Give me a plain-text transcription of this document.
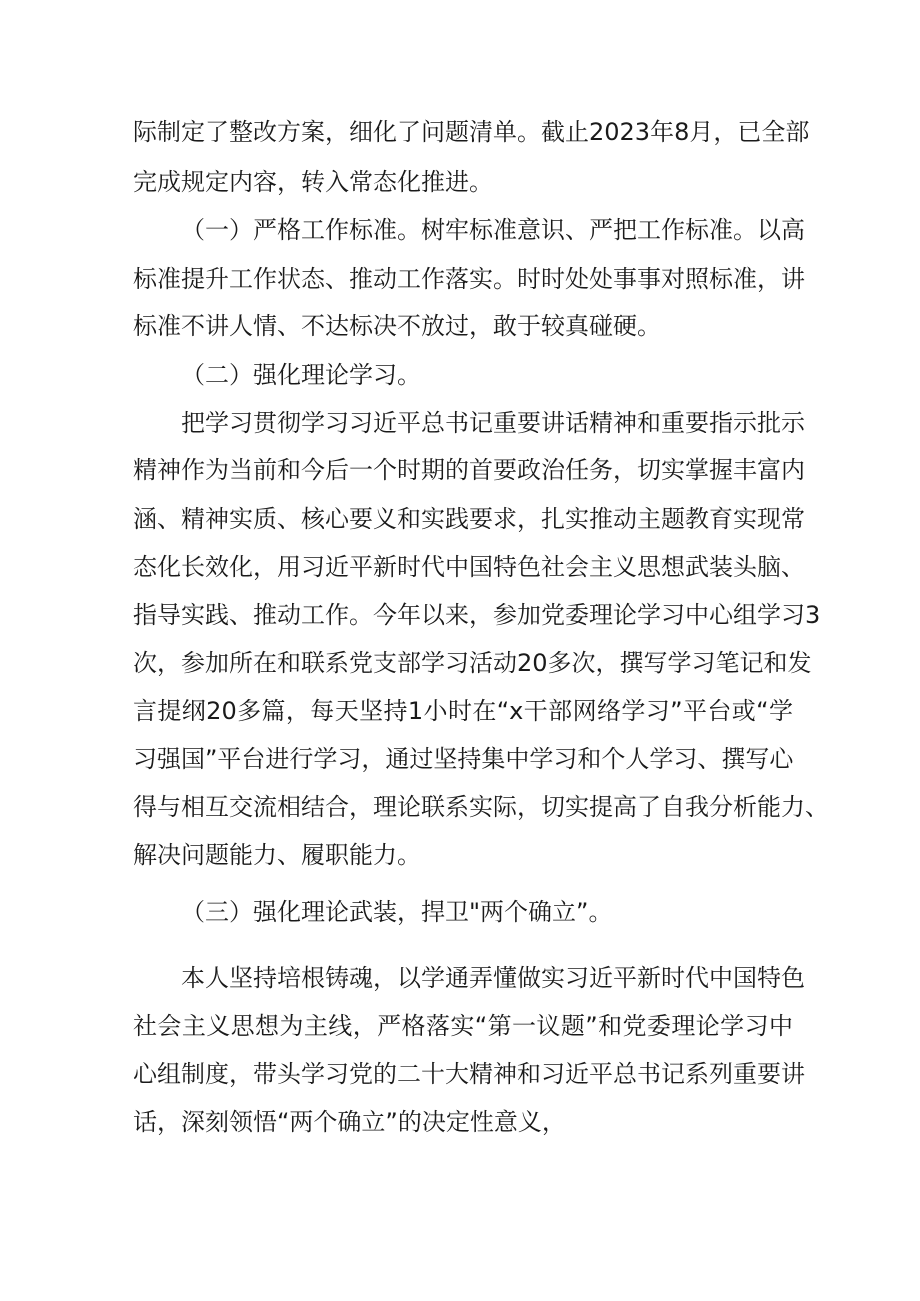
际制定了整改方案，细化了问题清单。截止2023年8月，已全部
完成规定内容，转入常态化推进。
（一）严格工作标准。树牢标准意识、严把工作标准。以高
标准提升工作状态、推动工作落实。时时处处事事对照标准，讲
标准不讲人情、不达标决不放过，敢于较真碰硬。
（二）强化理论学习。
把学习贯彻学习习近平总书记重要讲话精神和重要指示批示
精神作为当前和今后一个时期的首要政治任务，切实掌握丰富内
涵、精神实质、核心要义和实践要求，扎实推动主题教育实现常
态化长效化，用习近平新时代中国特色社会主义思想武装头脑、
指导实践、推动工作。今年以来，参加党委理论学习中心组学习3
次，参加所在和联系党支部学习活动20多次，撰写学习笔记和发
言提纲20多篇，每天坚持1小时在“x干部网络学习”平台或“学
习强国”平台进行学习，通过坚持集中学习和个人学习、撰写心
得与相互交流相结合，理论联系实际，切实提高了自我分析能力、
解决问题能力、履职能力。
（三）强化理论武装，捍卫"两个确立”。
本人坚持培根铸魂，以学通弄懂做实习近平新时代中国特色
社会主义思想为主线，严格落实“第一议题”和党委理论学习中
心组制度，带头学习党的二十大精神和习近平总书记系列重要讲
话，深刻领悟“两个确立”的决定性意义，
